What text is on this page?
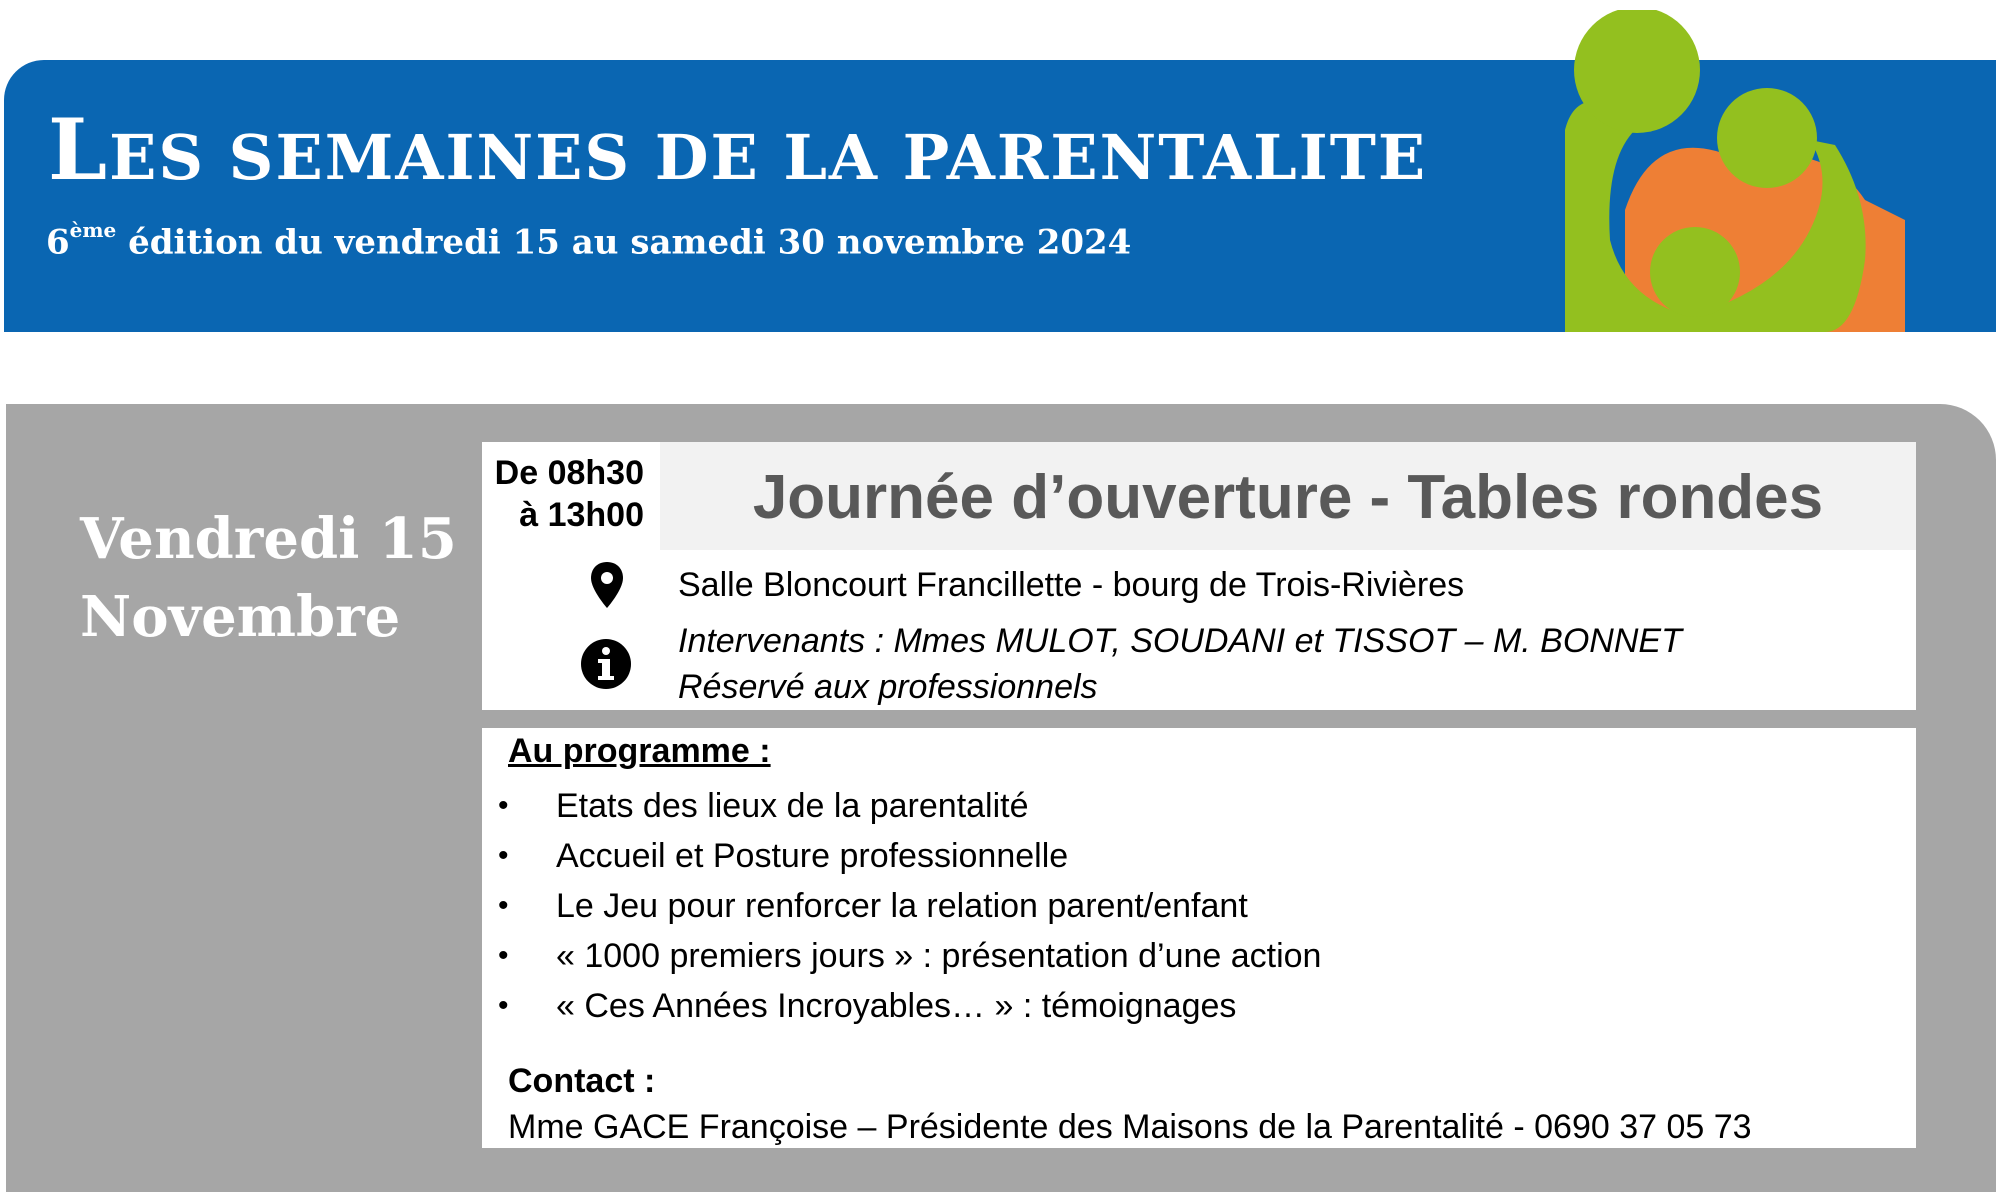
LES SEMAINES DE LA PARENTALITE

6ème édition du vendredi 15 au samedi 30 novembre 2024

Vendredi 15
Novembre
De 08h30
à 13h00	Journée d’ouverture - Tables rondes
Salle Bloncourt Francillette - bourg de Trois-Rivières
Intervenants : Mmes MULOT, SOUDANI et TISSOT – M. BONNET
Réservé aux professionnels
Au programme :
• Etats des lieux de la parentalité
• Accueil et Posture professionnelle
• Le Jeu pour renforcer la relation parent/enfant
• « 1000 premiers jours » : présentation d’une action
• « Ces Années Incroyables… » : témoignages
Contact :
Mme GACE Françoise – Présidente des Maisons de la Parentalité - 0690 37 05 73
